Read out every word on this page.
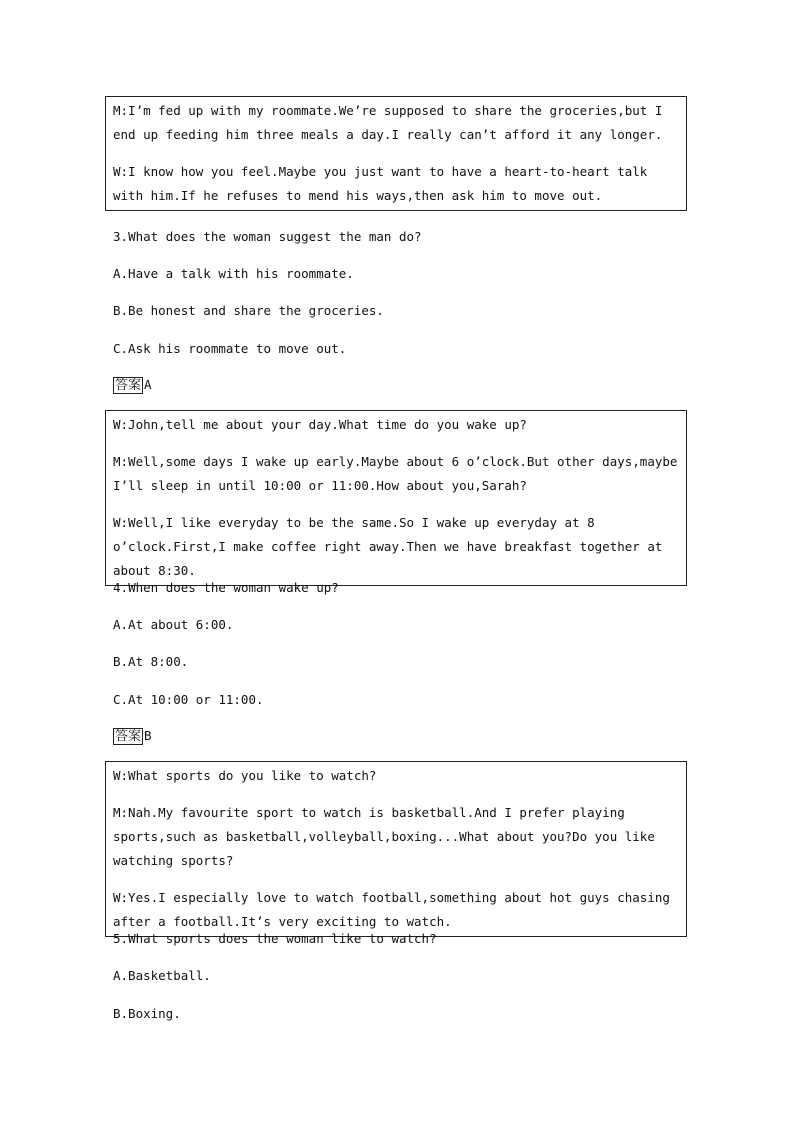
M:I’m fed up with my roommate.We’re supposed to share the groceries,but I end up feeding him three meals a day.I really can’t afford it any longer.

W:I know how you feel.Maybe you just want to have a heart-to-heart talk with him.If he refuses to mend his ways,then ask him to move out.

3.What does the woman suggest the man do?
A.Have a talk with his roommate.
B.Be honest and share the groceries.
C.Ask his roommate to move out.
答案 A

W:John,tell me about your day.What time do you wake up?

M:Well,some days I wake up early.Maybe about 6 o’clock.But other days,maybe I’ll sleep in until 10:00 or 11:00.How about you,Sarah?

W:Well,I like everyday to be the same.So I wake up everyday at 8 o’clock.First,I make coffee right away.Then we have breakfast together at about 8:30.

4.When does the woman wake up?
A.At about 6:00.
B.At 8:00.
C.At 10:00 or 11:00.
答案 B

W:What sports do you like to watch?

M:Nah.My favourite sport to watch is basketball.And I prefer playing sports,such as basketball,volleyball,boxing...What about you?Do you like watching sports?

W:Yes.I especially love to watch football,something about hot guys chasing after a football.It’s very exciting to watch.

5.What sports does the woman like to watch?
A.Basketball.
B.Boxing.
